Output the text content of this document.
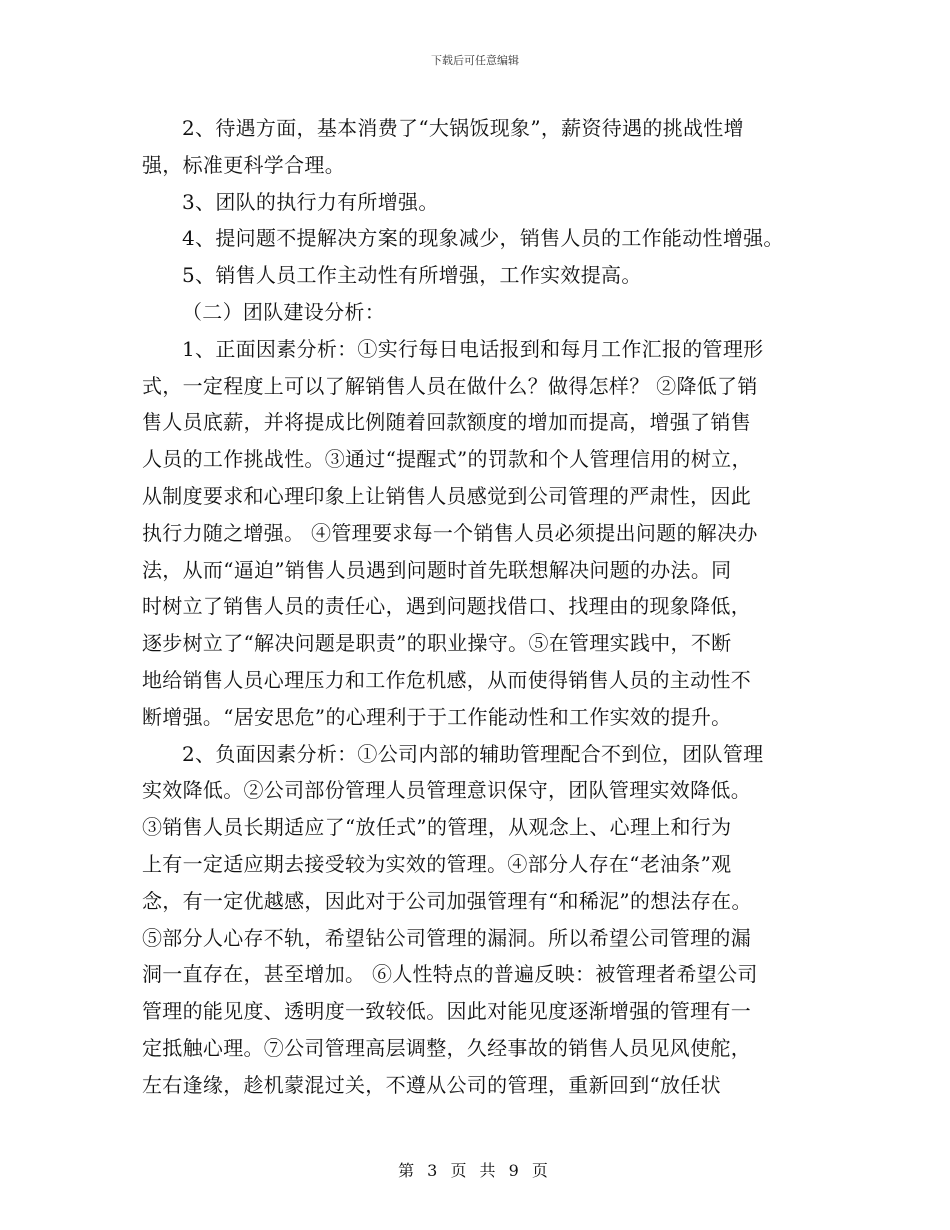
下载后可任意编辑

2、待遇方面，基本消费了“大锅饭现象”，薪资待遇的挑战性增

强，标准更科学合理。

3、团队的执行力有所增强。

4、提问题不提解决方案的现象减少，销售人员的工作能动性增强。

5、销售人员工作主动性有所增强，工作实效提高。

（二）团队建设分析：

1、正面因素分析：①实行每日电话报到和每月工作汇报的管理形

式，一定程度上可以了解销售人员在做什么？做得怎样？ ②降低了销

售人员底薪，并将提成比例随着回款额度的增加而提高，增强了销售

人员的工作挑战性。③通过“提醒式”的罚款和个人管理信用的树立，

从制度要求和心理印象上让销售人员感觉到公司管理的严肃性，因此

执行力随之增强。 ④管理要求每一个销售人员必须提出问题的解决办

法，从而“逼迫”销售人员遇到问题时首先联想解决问题的办法。同

时树立了销售人员的责任心，遇到问题找借口、找理由的现象降低，

逐步树立了“解决问题是职责”的职业操守。⑤在管理实践中，不断

地给销售人员心理压力和工作危机感，从而使得销售人员的主动性不

断增强。“居安思危”的心理利于于工作能动性和工作实效的提升。

2、负面因素分析：①公司内部的辅助管理配合不到位，团队管理

实效降低。②公司部份管理人员管理意识保守，团队管理实效降低。

③销售人员长期适应了“放任式”的管理，从观念上、心理上和行为

上有一定适应期去接受较为实效的管理。④部分人存在“老油条”观

念，有一定优越感，因此对于公司加强管理有“和稀泥”的想法存在。

⑤部分人心存不轨，希望钻公司管理的漏洞。所以希望公司管理的漏

洞一直存在，甚至增加。 ⑥人性特点的普遍反映：被管理者希望公司

管理的能见度、透明度一致较低。因此对能见度逐渐增强的管理有一

定抵触心理。⑦公司管理高层调整，久经事故的销售人员见风使舵，

左右逢缘，趁机蒙混过关，不遵从公司的管理，重新回到“放任状

第 3 页 共 9 页
